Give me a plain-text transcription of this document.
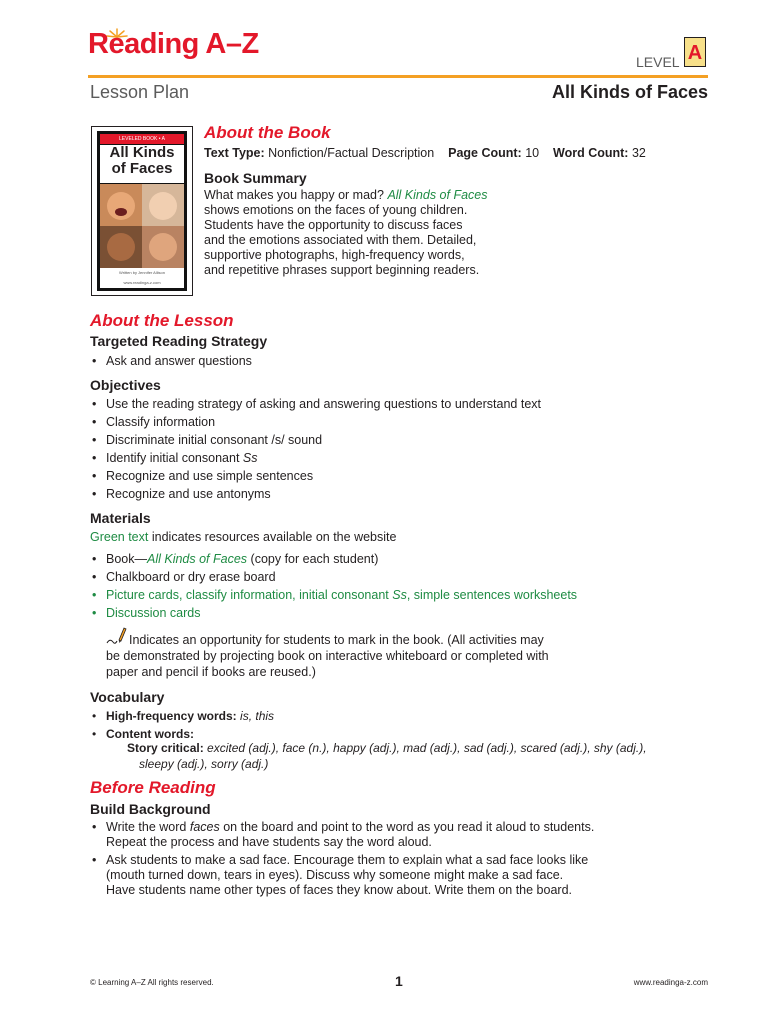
Reading A–Z
LEVEL A
Lesson Plan	All Kinds of Faces
LEVELED BOOK • A
All Kinds
of Faces
Written by Jennifer Allison
www.readinga-z.com
About the Book
Text Type: Nonfiction/Factual Description Page Count: 10 Word Count: 32
Book Summary
What makes you happy or mad? All Kinds of Faces
shows emotions on the faces of young children.
Students have the opportunity to discuss faces
and the emotions associated with them. Detailed,
supportive photographs, high-frequency words,
and repetitive phrases support beginning readers.
About the Lesson
Targeted Reading Strategy
• Ask and answer questions
Objectives
• Use the reading strategy of asking and answering questions to understand text
• Classify information
• Discriminate initial consonant /s/ sound
• Identify initial consonant Ss
• Recognize and use simple sentences
• Recognize and use antonyms
Materials
Green text indicates resources available on the website
• Book—All Kinds of Faces (copy for each student)
• Chalkboard or dry erase board
• Picture cards, classify information, initial consonant Ss, simple sentences worksheets
• Discussion cards
Indicates an opportunity for students to mark in the book. (All activities may
be demonstrated by projecting book on interactive whiteboard or completed with
paper and pencil if books are reused.)
Vocabulary
• High-frequency words: is, this
• Content words:
Story critical: excited (adj.), face (n.), happy (adj.), mad (adj.), sad (adj.), scared (adj.), shy (adj.),
sleepy (adj.), sorry (adj.)
Before Reading
Build Background
• Write the word faces on the board and point to the word as you read it aloud to students.
Repeat the process and have students say the word aloud.
• Ask students to make a sad face. Encourage them to explain what a sad face looks like
(mouth turned down, tears in eyes). Discuss why someone might make a sad face.
Have students name other types of faces they know about. Write them on the board.
© Learning A–Z All rights reserved.	1	www.readinga-z.com
